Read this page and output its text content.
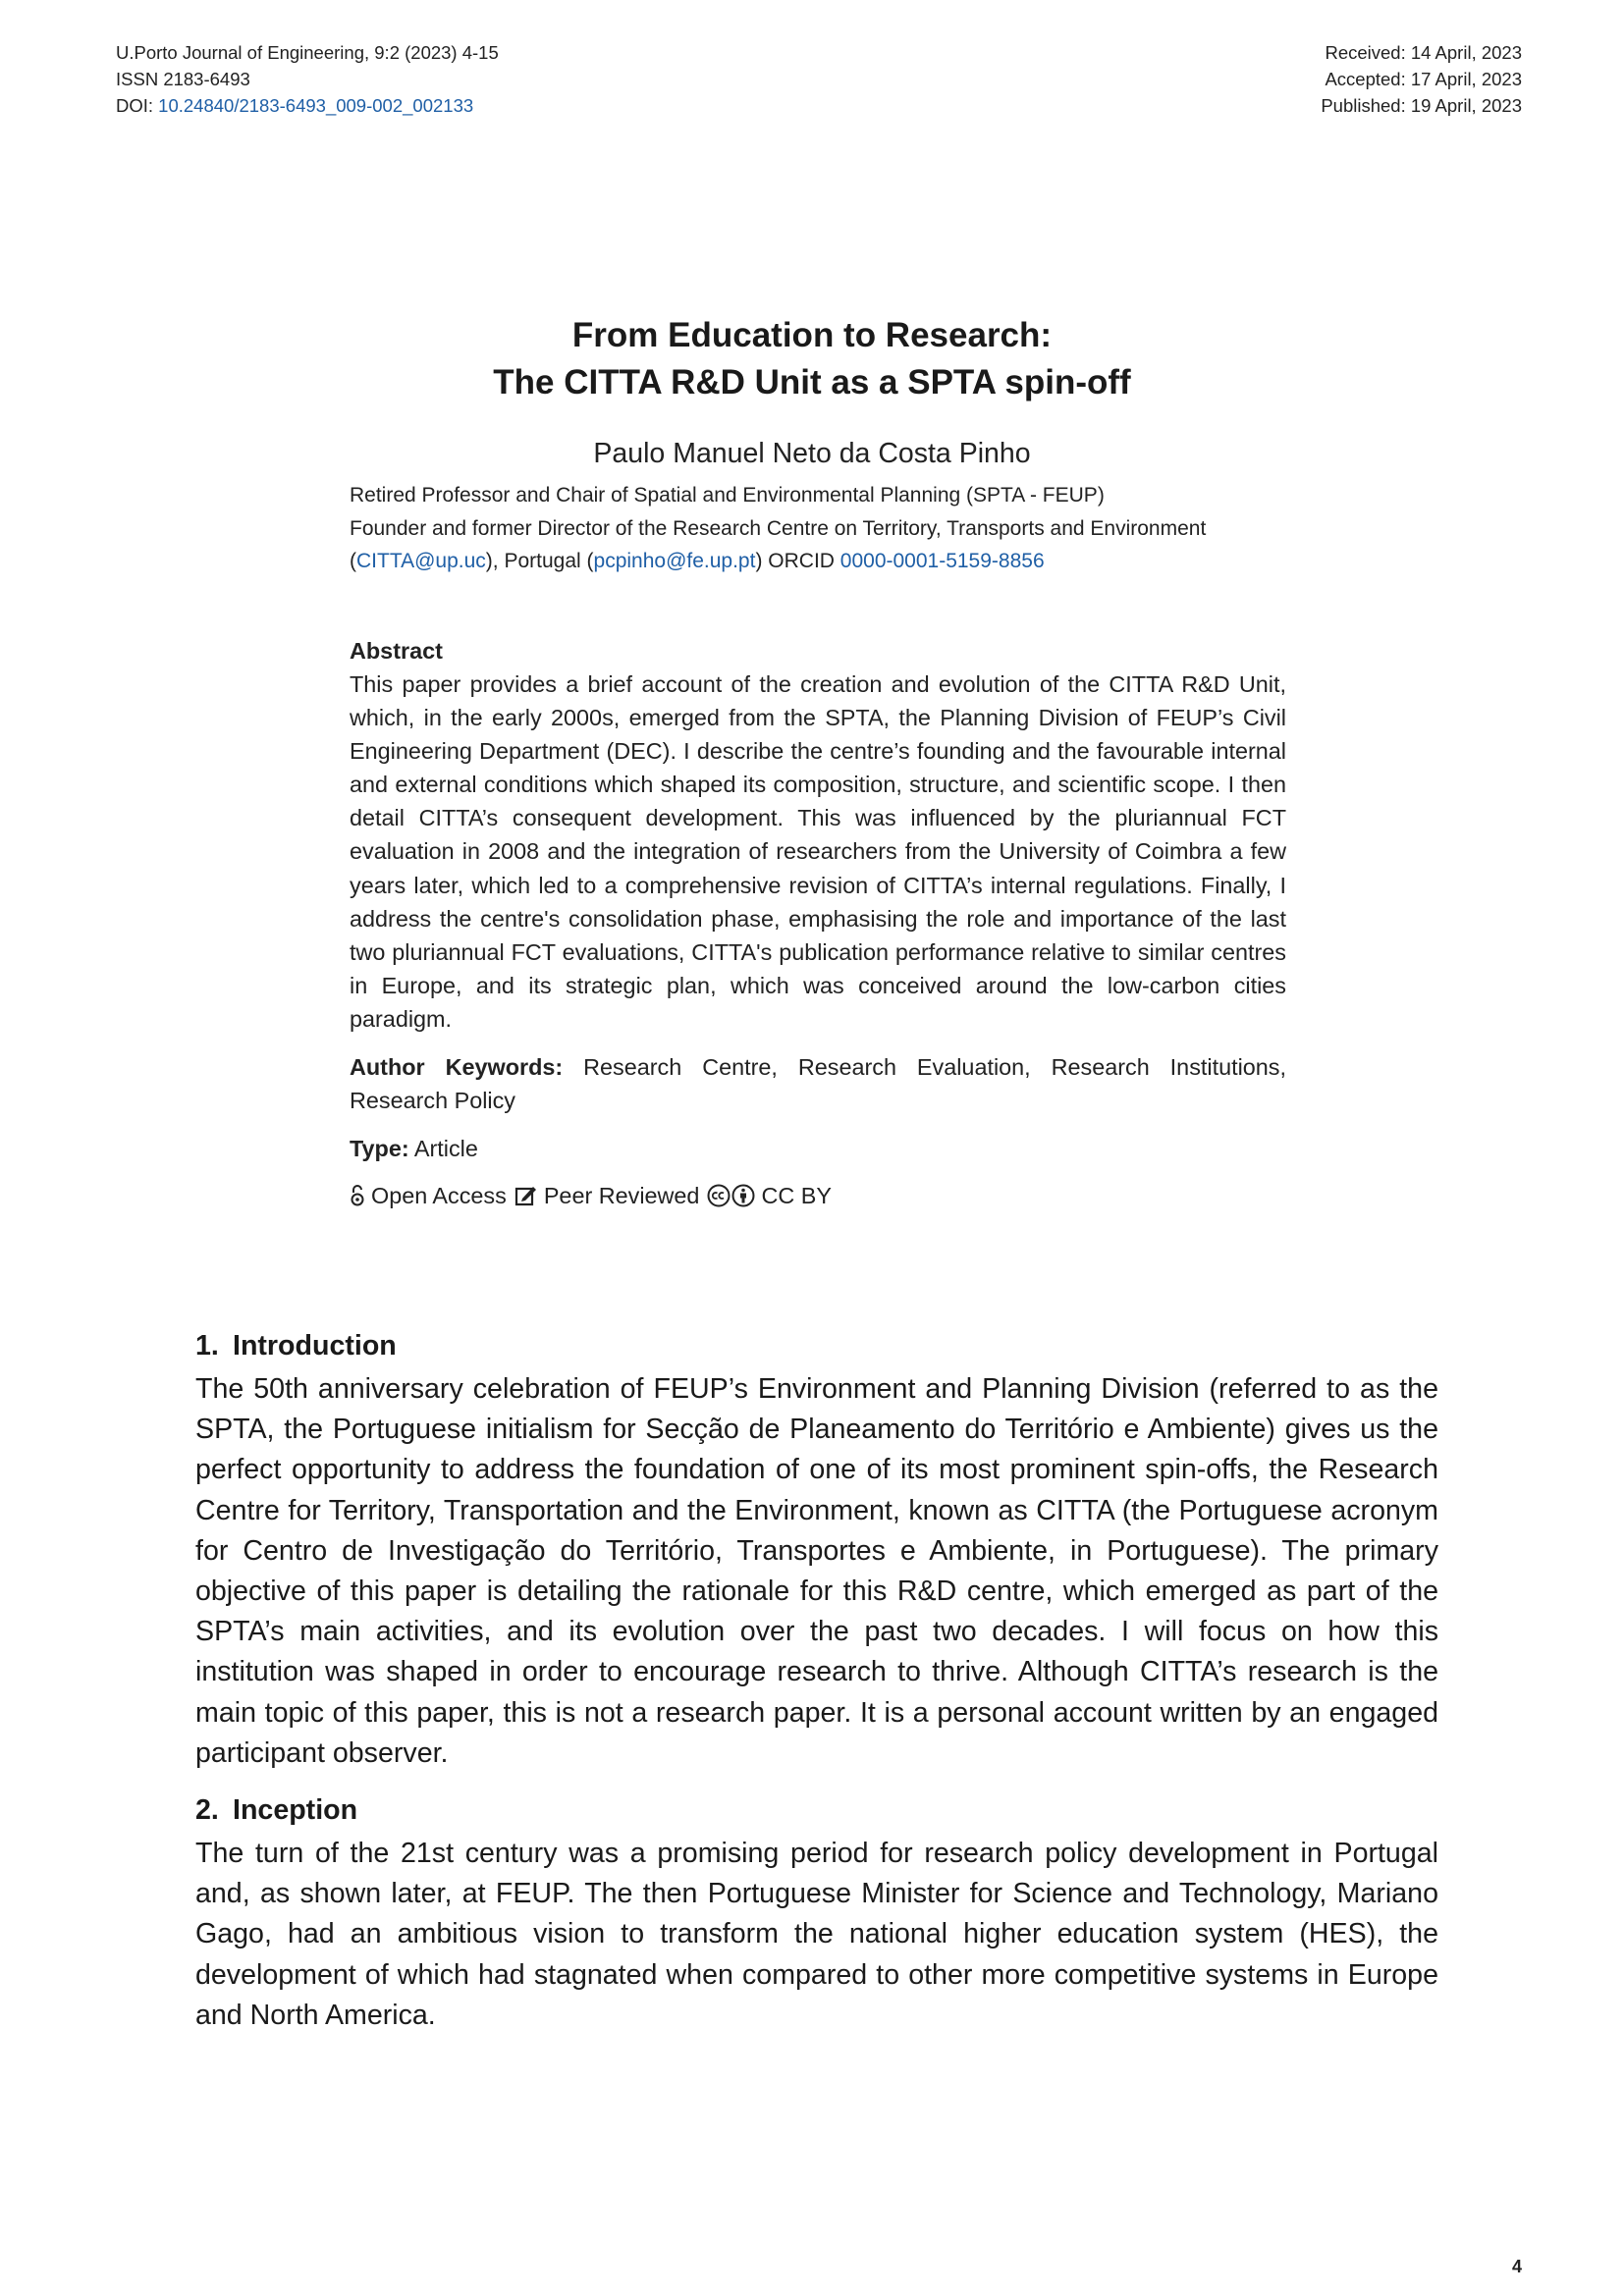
U.Porto Journal of Engineering, 9:2 (2023) 4-15
ISSN 2183-6493
DOI: 10.24840/2183-6493_009-002_002133
Received: 14 April, 2023
Accepted: 17 April, 2023
Published: 19 April, 2023
From Education to Research:
The CITTA R&D Unit as a SPTA spin-off
Paulo Manuel Neto da Costa Pinho
Retired Professor and Chair of Spatial and Environmental Planning (SPTA - FEUP)
Founder and former Director of the Research Centre on Territory, Transports and Environment
(CITTA@up.uc), Portugal (pcpinho@fe.up.pt) ORCID 0000-0001-5159-8856
Abstract

This paper provides a brief account of the creation and evolution of the CITTA R&D Unit, which, in the early 2000s, emerged from the SPTA, the Planning Division of FEUP’s Civil Engineering Department (DEC). I describe the centre’s founding and the favourable internal and external conditions which shaped its composition, structure, and scientific scope. I then detail CITTA’s consequent development. This was influenced by the pluriannual FCT evaluation in 2008 and the integration of researchers from the University of Coimbra a few years later, which led to a comprehensive revision of CITTA’s internal regulations. Finally, I address the centre's consolidation phase, emphasising the role and importance of the last two pluriannual FCT evaluations, CITTA's publication performance relative to similar centres in Europe, and its strategic plan, which was conceived around the low-carbon cities paradigm.

Author Keywords: Research Centre, Research Evaluation, Research Institutions, Research Policy
Type: Article
Open Access Peer Reviewed	CC BY
1. Introduction

The 50th anniversary celebration of FEUP’s Environment and Planning Division (referred to as the SPTA, the Portuguese initialism for Secção de Planeamento do Território e Ambiente) gives us the perfect opportunity to address the foundation of one of its most prominent spin-offs, the Research Centre for Territory, Transportation and the Environment, known as CITTA (the Portuguese acronym for Centro de Investigação do Território, Transportes e Ambiente, in Portuguese). The primary objective of this paper is detailing the rationale for this R&D centre, which emerged as part of the SPTA’s main activities, and its evolution over the past two decades. I will focus on how this institution was shaped in order to encourage research to thrive. Although CITTA’s research is the main topic of this paper, this is not a research paper. It is a personal account written by an engaged participant observer.

2. Inception

The turn of the 21st century was a promising period for research policy development in Portugal and, as shown later, at FEUP. The then Portuguese Minister for Science and Technology, Mariano Gago, had an ambitious vision to transform the national higher education system (HES), the development of which had stagnated when compared to other more competitive systems in Europe and North America.

4
